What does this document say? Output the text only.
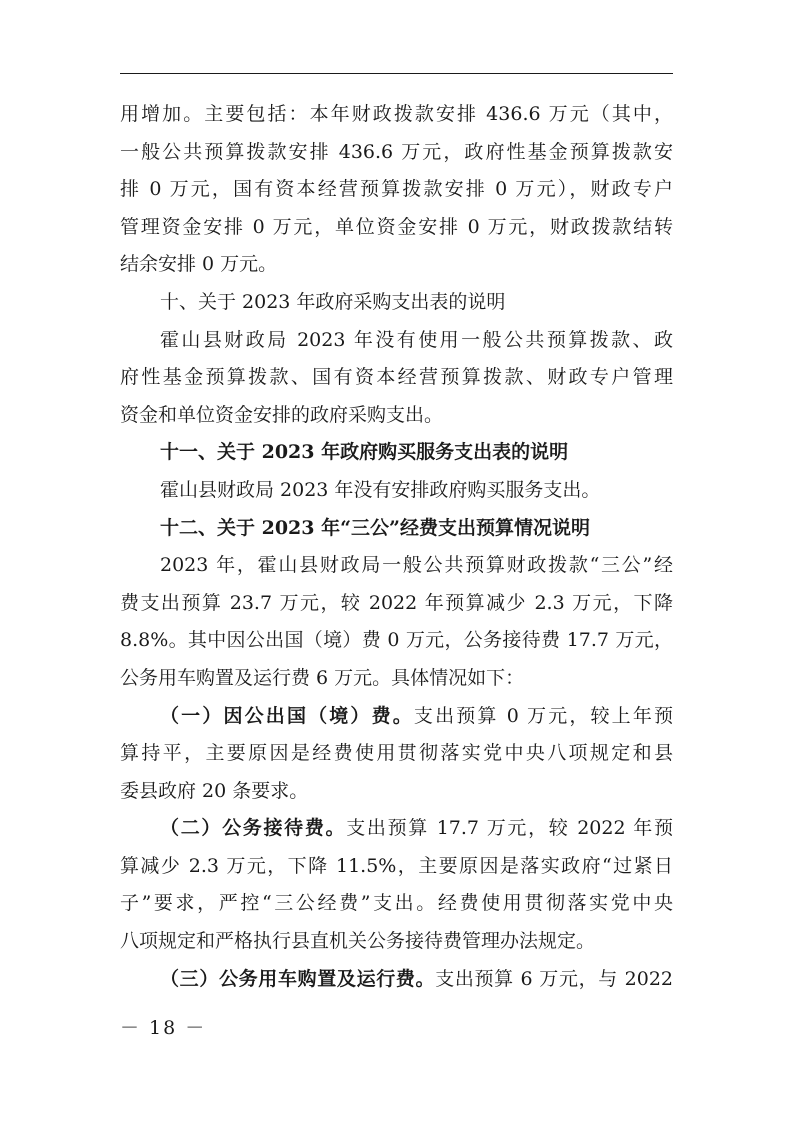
用增加。主要包括：本年财政拨款安排 436.6 万元（其中，
一般公共预算拨款安排 436.6 万元，政府性基金预算拨款安
排 0 万元，国有资本经营预算拨款安排 0 万元），财政专户
管理资金安排 0 万元，单位资金安排 0 万元，财政拨款结转
结余安排 0 万元。
十、关于 2023 年政府采购支出表的说明
霍山县财政局 2023 年没有使用一般公共预算拨款、政
府性基金预算拨款、国有资本经营预算拨款、财政专户管理
资金和单位资金安排的政府采购支出。
十一、关于 2023 年政府购买服务支出表的说明
霍山县财政局 2023 年没有安排政府购买服务支出。
十二、关于 2023 年“三公”经费支出预算情况说明
2023 年，霍山县财政局一般公共预算财政拨款“三公”经
费支出预算 23.7 万元，较 2022 年预算减少 2.3 万元，下降
8.8%。其中因公出国（境）费 0 万元，公务接待费 17.7 万元，
公务用车购置及运行费 6 万元。具体情况如下：
（一）因公出国（境）费。支出预算 0 万元，较上年预
算持平，主要原因是经费使用贯彻落实党中央八项规定和县
委县政府 20 条要求。
（二）公务接待费。支出预算 17.7 万元，较 2022 年预
算减少 2.3 万元，下降 11.5%，主要原因是落实政府“过紧日
子”要求，严控“三公经费”支出。经费使用贯彻落实党中央
八项规定和严格执行县直机关公务接待费管理办法规定。
（三）公务用车购置及运行费。支出预算 6 万元，与 2022
－ 18 －
